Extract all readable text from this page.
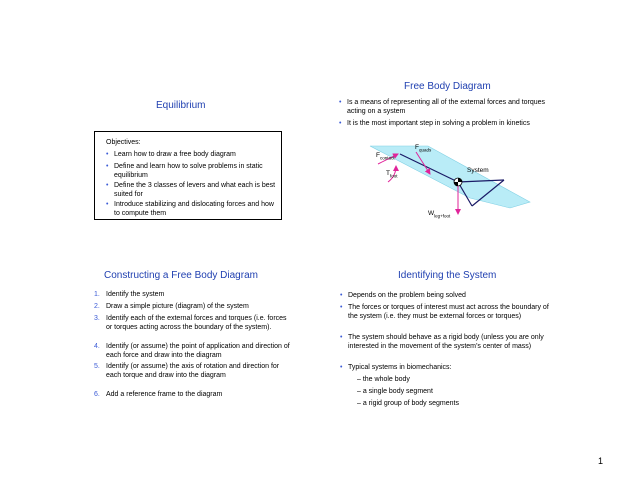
Equilibrium
Objectives:
• Learn how to draw a free body diagram
• Define and learn how to solve problems in static equilibrium
• Define the 3 classes of levers and what each is best suited for
• Introduce stabilizing and dislocating forces and how to compute them
Free Body Diagram
• Is a means of representing all of the external forces and torques acting on a system
• It is the most important step in solving a problem in kinetics
$F_{contact}$
$F_{quads}$
$T_{foot}$
System
$W_{leg+foot}$
Constructing a Free Body Diagram
1. Identify the system
2. Draw a simple picture (diagram) of the system
3. Identify each of the external forces and torques (i.e. forces or torques acting across the boundary of the system).
4. Identify (or assume) the point of application and direction of each force and draw into the diagram
5. Identify (or assume) the axis of rotation and direction for each torque and draw into the diagram
6. Add a reference frame to the diagram
Identifying the System
• Depends on the problem being solved
• The forces or torques of interest must act across the boundary of the system (i.e. they must be external forces or torques)
• The system should behave as a rigid body (unless you are only interested in the movement of the system’s center of mass)
• Typical systems in biomechanics:
– the whole body
– a single body segment
– a rigid group of body segments
1
